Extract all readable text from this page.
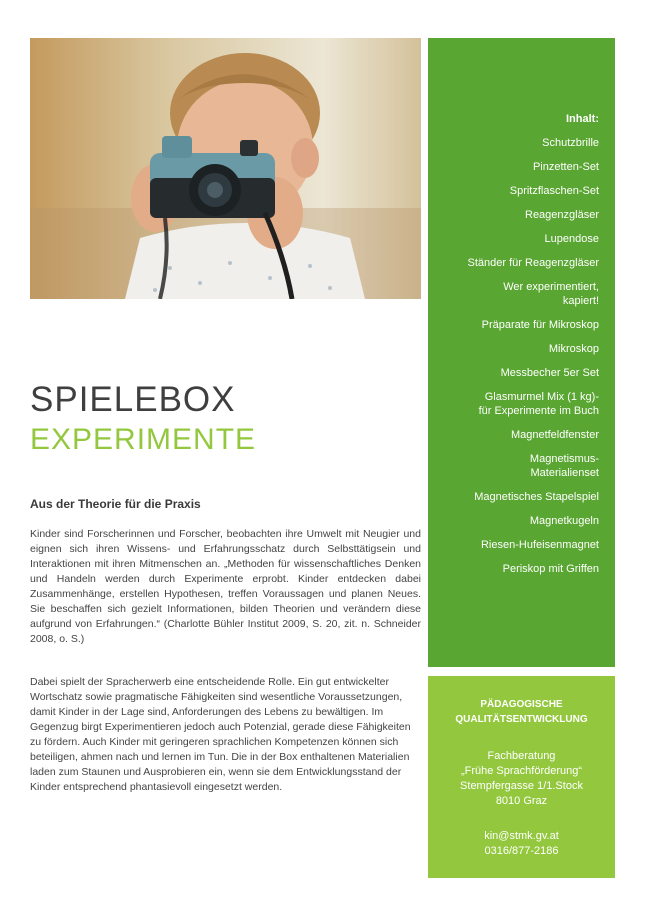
Inhalt:
Schutzbrille
Pinzetten-Set
Spritzflaschen-Set
Reagenzgläser
Lupendose
Ständer für Reagenzgläser
Wer experimentiert,
kapiert!
Präparate für Mikroskop
Mikroskop
Messbecher 5er Set
Glasmurmel Mix (1 kg)-
für Experimente im Buch
Magnetfeldfenster
Magnetismus-
Materialienset
Magnetisches Stapelspiel
Magnetkugeln
Riesen-Hufeisenmagnet
Periskop mit Griffen
PÄDAGOGISCHE
QUALITÄTSENTWICKLUNG
Fachberatung
„Frühe Sprachförderung“
Stempfergasse 1/1.Stock
8010 Graz
kin@stmk.gv.at
0316/877-2186
SPIELEBOX
EXPERIMENTE
Aus der Theorie für die Praxis
Kinder sind Forscherinnen und Forscher, beobachten ihre Umwelt mit Neugier und eignen sich ihren Wissens- und Erfahrungsschatz durch Selbsttätigsein und Interaktionen mit ihren Mitmenschen an. „Methoden für wissenschaftliches Denken und Handeln werden durch Experimente erprobt. Kinder entdecken dabei Zusammenhänge, erstellen Hypothesen, treffen Voraussagen und planen Neues. Sie beschaffen sich gezielt Informationen, bilden Theorien und verändern diese aufgrund von Erfahrungen.“ (Charlotte Bühler Institut 2009, S. 20, zit. n. Schneider 2008, o. S.)
Dabei spielt der Spracherwerb eine entscheidende Rolle. Ein gut entwickelter Wortschatz sowie pragmatische Fähigkeiten sind wesentliche Voraussetzungen, damit Kinder in der Lage sind, Anforderungen des Lebens zu bewältigen. Im Gegenzug birgt Experimentieren jedoch auch Potenzial, gerade diese Fähigkeiten zu fördern. Auch Kinder mit geringeren sprachlichen Kompetenzen können sich beteiligen, ahmen nach und lernen im Tun. Die in der Box enthaltenen Materialien laden zum Staunen und Ausprobieren ein, wenn sie dem Entwicklungsstand der Kinder entsprechend phantasievoll eingesetzt werden.
